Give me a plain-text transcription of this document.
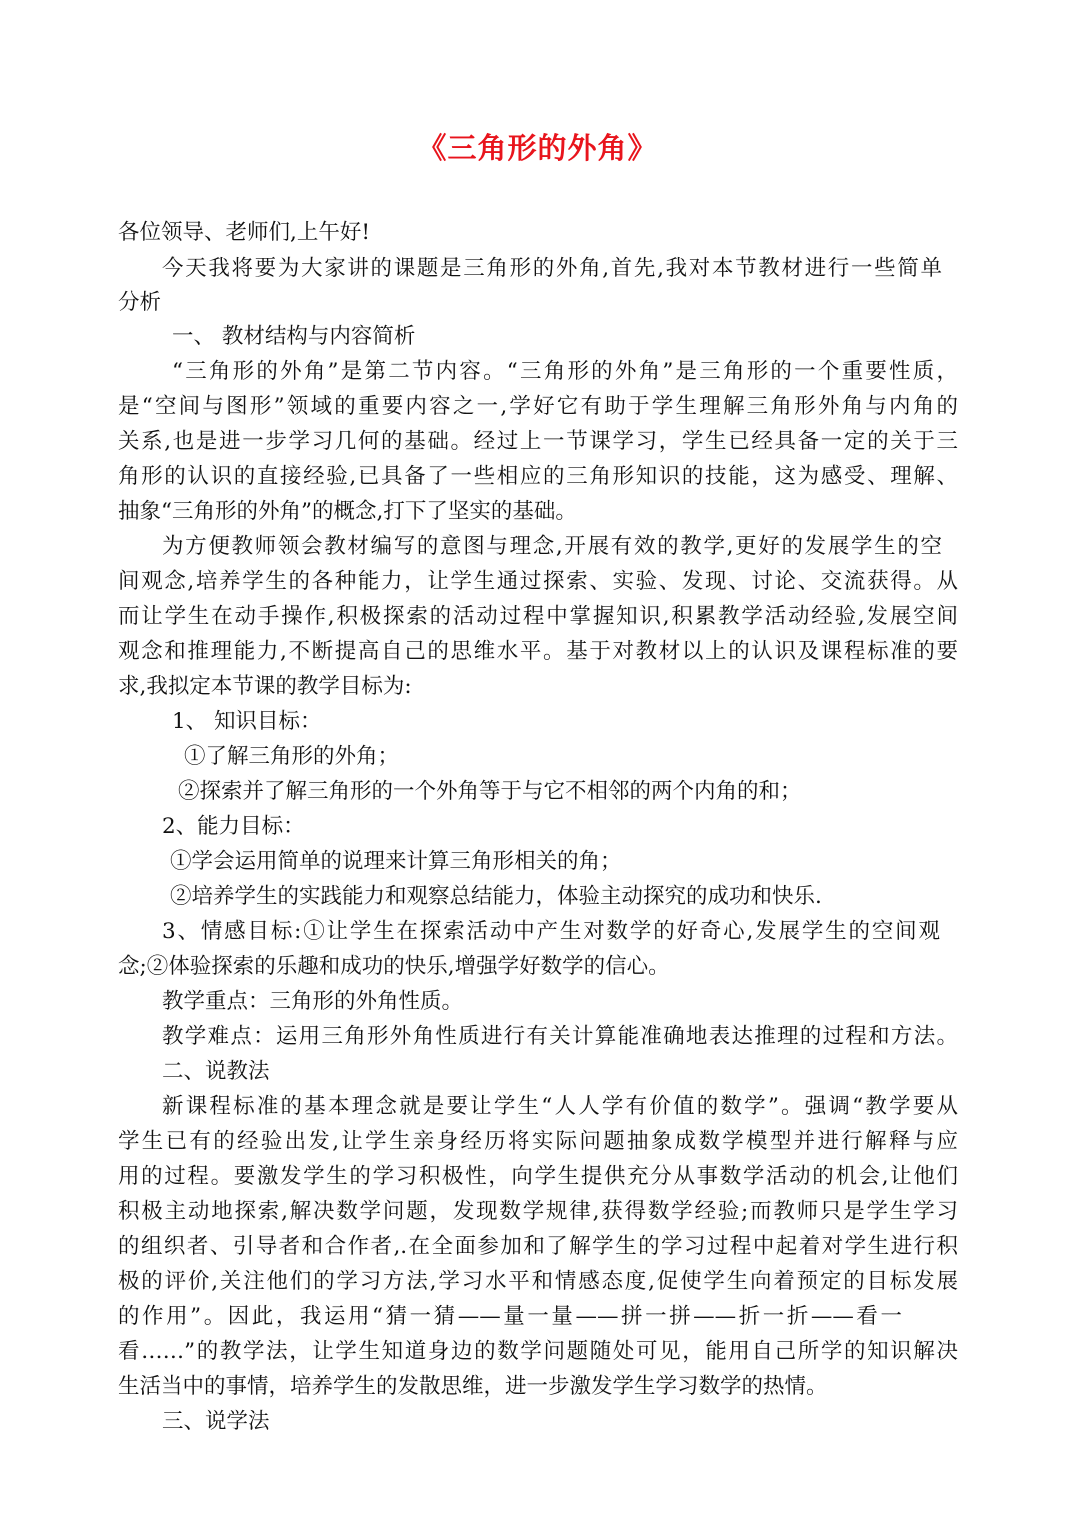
《三角形的外角》
各位领导、老师们,上午好!
今天我将要为大家讲的课题是三角形的外角,首先,我对本节教材进行一些简单
分析
一、 教材结构与内容简析
“三角形的外角”是第二节内容。“三角形的外角”是三角形的一个重要性质，
是“空间与图形”领域的重要内容之一,学好它有助于学生理解三角形外角与内角的
关系,也是进一步学习几何的基础。经过上一节课学习，学生已经具备一定的关于三
角形的认识的直接经验,已具备了一些相应的三角形知识的技能，这为感受、理解、
抽象“三角形的外角”的概念,打下了坚实的基础。
为方便教师领会教材编写的意图与理念,开展有效的教学,更好的发展学生的空
间观念,培养学生的各种能力，让学生通过探索、实验、发现、讨论、交流获得。从
而让学生在动手操作,积极探索的活动过程中掌握知识,积累教学活动经验,发展空间
观念和推理能力,不断提高自己的思维水平。基于对教材以上的认识及课程标准的要
求,我拟定本节课的教学目标为:
1、 知识目标：
①了解三角形的外角；
②探索并了解三角形的一个外角等于与它不相邻的两个内角的和；
2、能力目标：
①学会运用简单的说理来计算三角形相关的角；
②培养学生的实践能力和观察总结能力，体验主动探究的成功和快乐.
3、情感目标:①让学生在探索活动中产生对数学的好奇心,发展学生的空间观
念;②体验探索的乐趣和成功的快乐,增强学好数学的信心。
教学重点：三角形的外角性质。
教学难点：运用三角形外角性质进行有关计算能准确地表达推理的过程和方法。
二、说教法
新课程标准的基本理念就是要让学生“人人学有价值的数学”。强调“教学要从
学生已有的经验出发,让学生亲身经历将实际问题抽象成数学模型并进行解释与应
用的过程。要激发学生的学习积极性，向学生提供充分从事数学活动的机会,让他们
积极主动地探索,解决数学问题，发现数学规律,获得数学经验;而教师只是学生学习
的组织者、引导者和合作者,.在全面参加和了解学生的学习过程中起着对学生进行积
极的评价,关注他们的学习方法,学习水平和情感态度,促使学生向着预定的目标发展
的作用”。因此，我运用“猜一猜——量一量——拼一拼——折一折——看一
看……”的教学法，让学生知道身边的数学问题随处可见，能用自己所学的知识解决
生活当中的事情，培养学生的发散思维，进一步激发学生学习数学的热情。
三、说学法
